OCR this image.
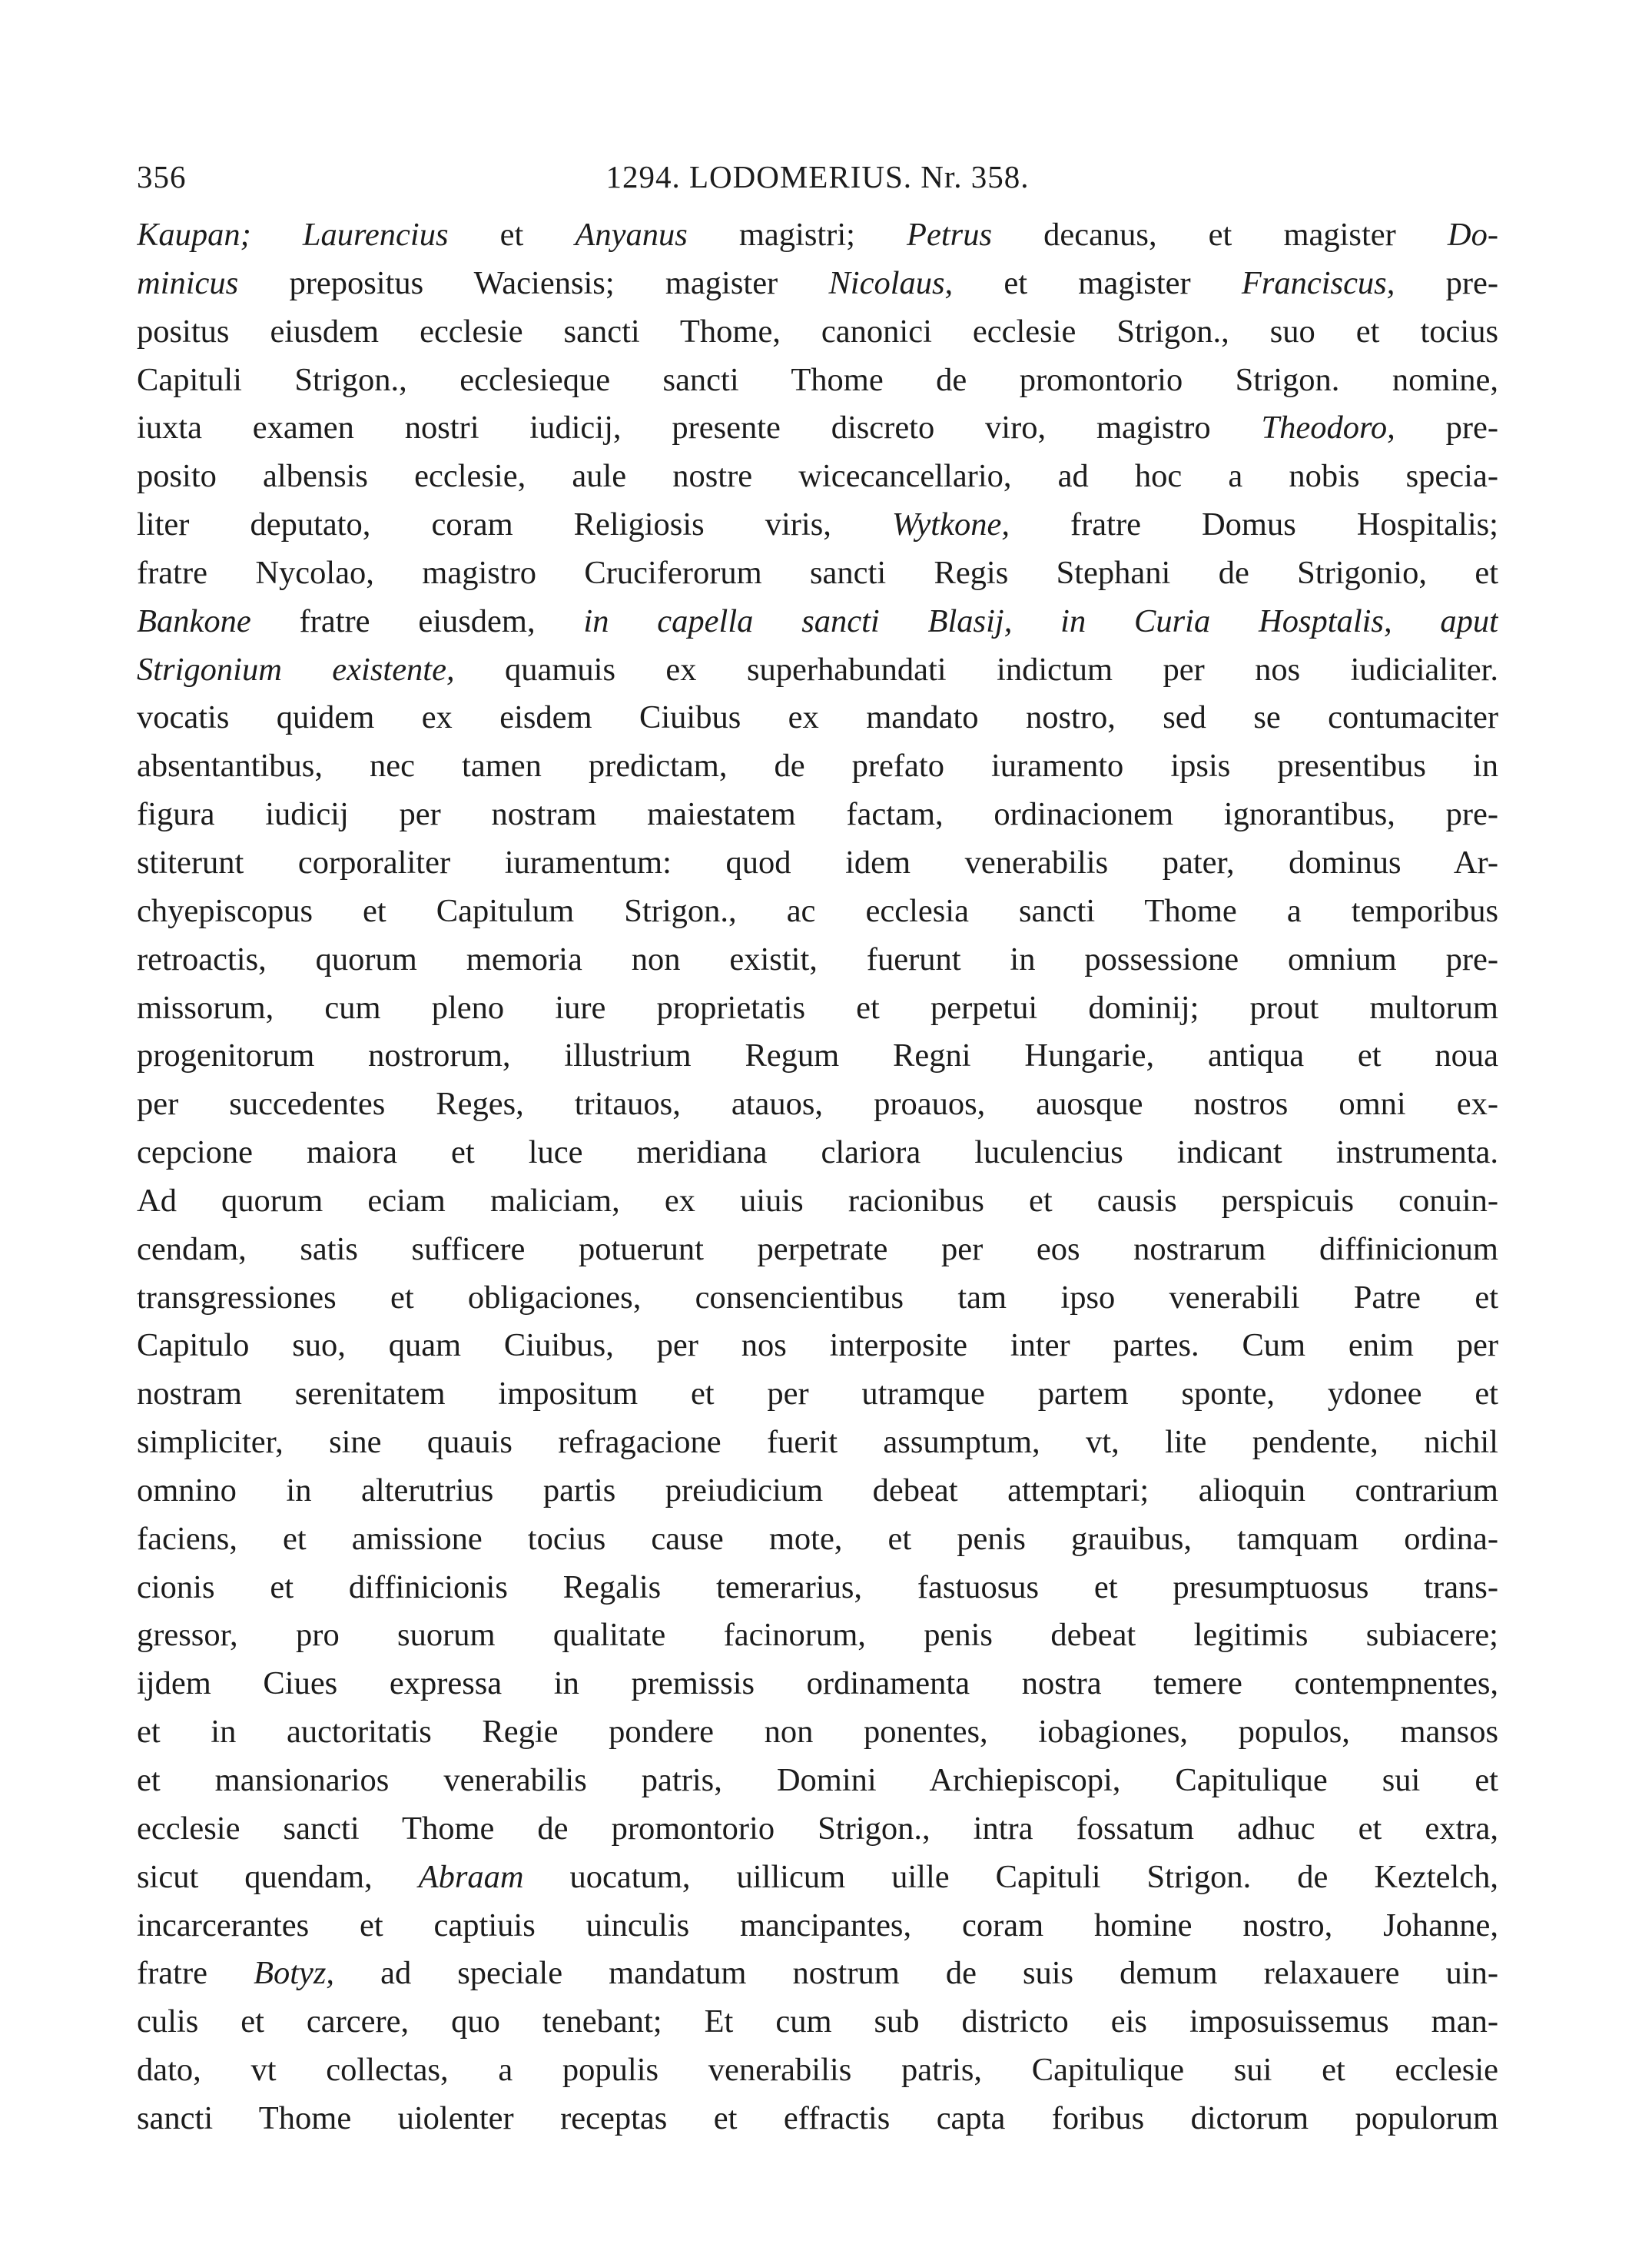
356	1294. LODOMERIUS. Nr. 358.
Kaupan; Laurencius et Anyanus magistri; Petrus decanus, et magister Do-
minicus prepositus Waciensis; magister Nicolaus, et magister Franciscus, pre-
positus eiusdem ecclesie sancti Thome, canonici ecclesie Strigon., suo et tocius
Capituli Strigon., ecclesieque sancti Thome de promontorio Strigon. nomine,
iuxta examen nostri iudicij, presente discreto viro, magistro Theodoro, pre-
posito albensis ecclesie, aule nostre wicecancellario, ad hoc a nobis specia-
liter deputato, coram Religiosis viris, Wytkone, fratre Domus Hospitalis;
fratre Nycolao, magistro Cruciferorum sancti Regis Stephani de Strigonio, et
Bankone fratre eiusdem, in capella sancti Blasij, in Curia Hosptalis, aput
Strigonium existente, quamuis ex superhabundati indictum per nos iudicialiter.
vocatis quidem ex eisdem Ciuibus ex mandato nostro, sed se contumaciter
absentantibus, nec tamen predictam, de prefato iuramento ipsis presentibus in
figura iudicij per nostram maiestatem factam, ordinacionem ignorantibus, pre-
stiterunt corporaliter iuramentum: quod idem venerabilis pater, dominus Ar-
chyepiscopus et Capitulum Strigon., ac ecclesia sancti Thome a temporibus
retroactis, quorum memoria non existit, fuerunt in possessione omnium pre-
missorum, cum pleno iure proprietatis et perpetui dominij; prout multorum
progenitorum nostrorum, illustrium Regum Regni Hungarie, antiqua et noua
per succedentes Reges, tritauos, atauos, proauos, auosque nostros omni ex-
cepcione maiora et luce meridiana clariora luculencius indicant instrumenta.
Ad quorum eciam maliciam, ex uiuis racionibus et causis perspicuis conuin-
cendam, satis sufficere potuerunt perpetrate per eos nostrarum diffinicionum
transgressiones et obligaciones, consencientibus tam ipso venerabili Patre et
Capitulo suo, quam Ciuibus, per nos interposite inter partes. Cum enim per
nostram serenitatem impositum et per utramque partem sponte, ydonee et
simpliciter, sine quauis refragacione fuerit assumptum, vt, lite pendente, nichil
omnino in alterutrius partis preiudicium debeat attemptari; alioquin contrarium
faciens, et amissione tocius cause mote, et penis grauibus, tamquam ordina-
cionis et diffinicionis Regalis temerarius, fastuosus et presumptuosus trans-
gressor, pro suorum qualitate facinorum, penis debeat legitimis subiacere;
ijdem Ciues expressa in premissis ordinamenta nostra temere contempnentes,
et in auctoritatis Regie pondere non ponentes, iobagiones, populos, mansos
et mansionarios venerabilis patris, Domini Archiepiscopi, Capitulique sui et
ecclesie sancti Thome de promontorio Strigon., intra fossatum adhuc et extra,
sicut quendam, Abraam uocatum, uillicum uille Capituli Strigon. de Keztelch,
incarcerantes et captiuis uinculis mancipantes, coram homine nostro, Johanne,
fratre Botyz, ad speciale mandatum nostrum de suis demum relaxauere uin-
culis et carcere, quo tenebant; Et cum sub districto eis imposuissemus man-
dato, vt collectas, a populis venerabilis patris, Capitulique sui et ecclesie
sancti Thome uiolenter receptas et effractis capta foribus dictorum populorum
